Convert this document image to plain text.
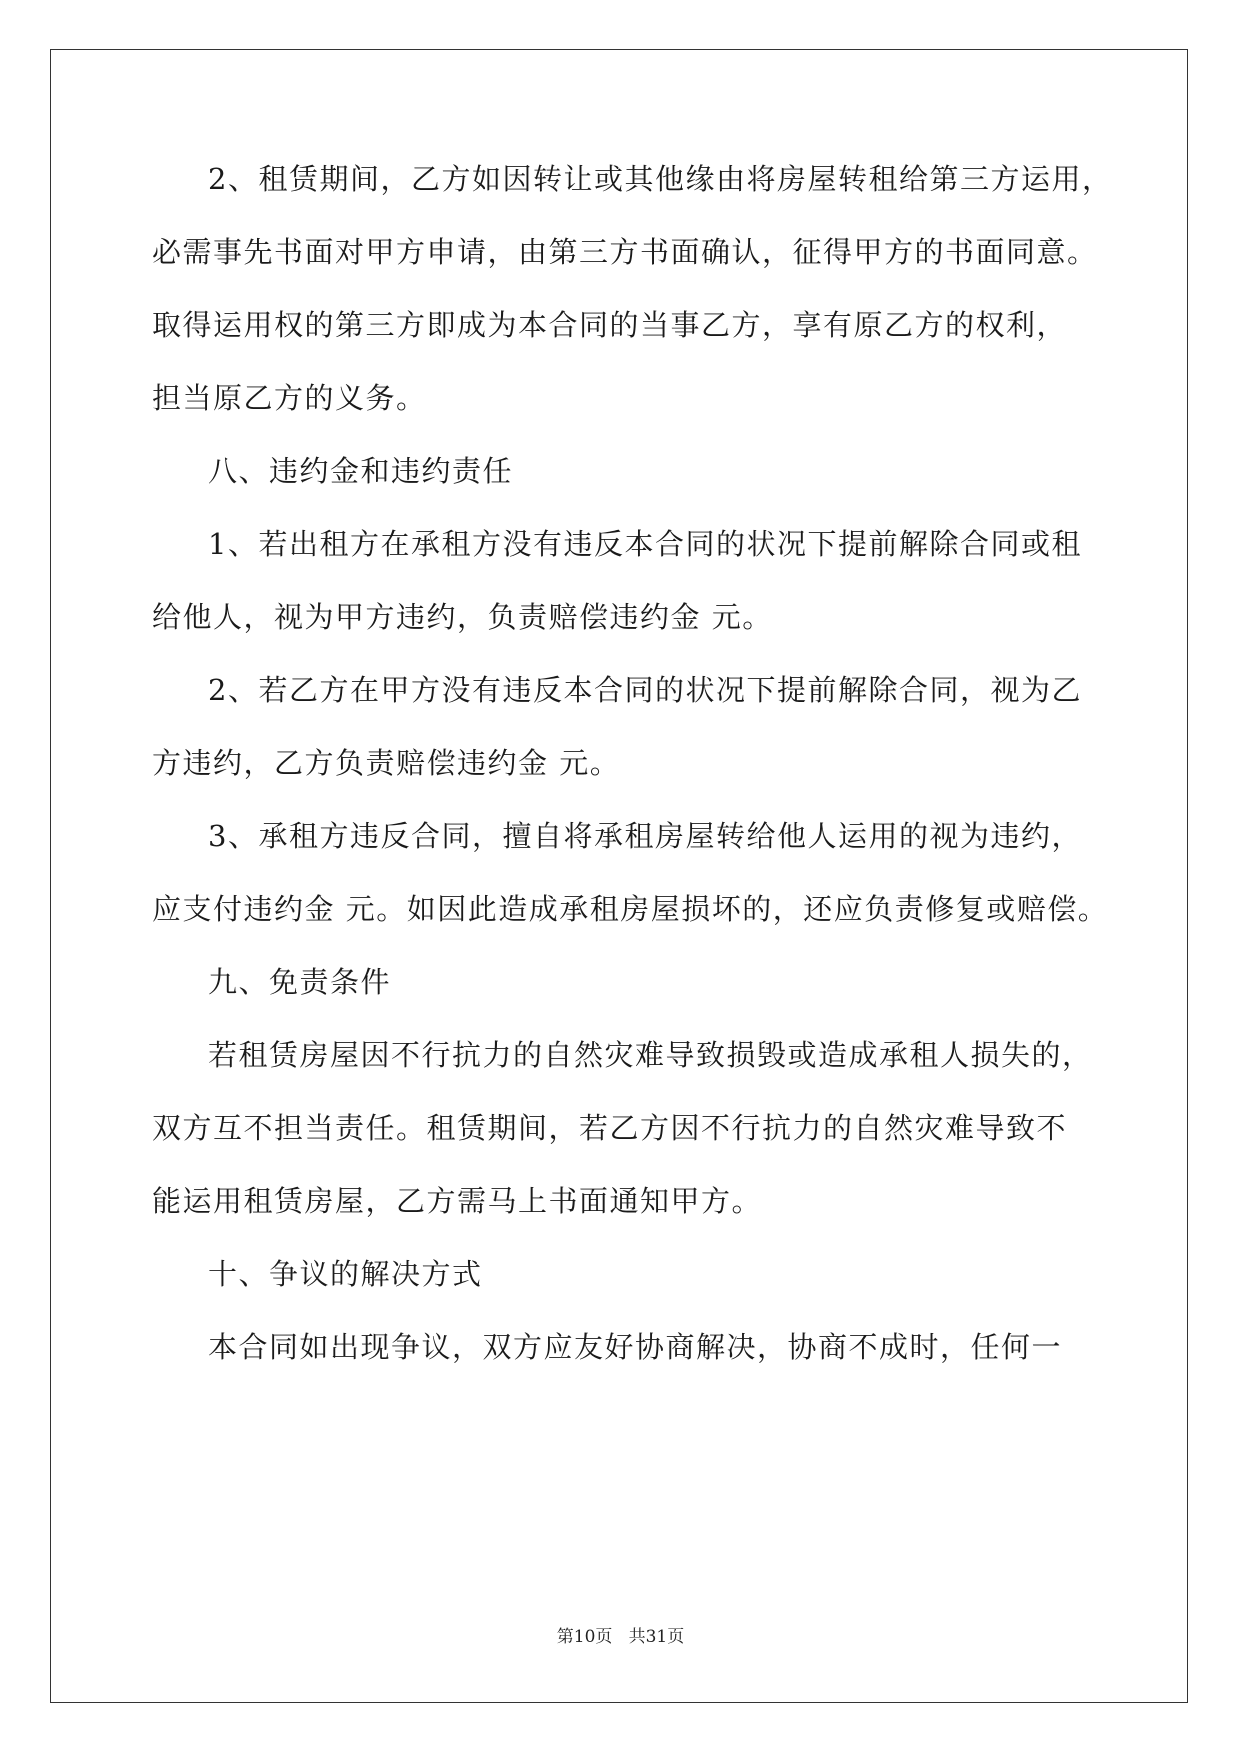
2、租赁期间，乙方如因转让或其他缘由将房屋转租给第三方运用，
必需事先书面对甲方申请，由第三方书面确认，征得甲方的书面同意。
取得运用权的第三方即成为本合同的当事乙方，享有原乙方的权利，
担当原乙方的义务。
八、违约金和违约责任
1、若出租方在承租方没有违反本合同的状况下提前解除合同或租
给他人，视为甲方违约，负责赔偿违约金 元。
2、若乙方在甲方没有违反本合同的状况下提前解除合同，视为乙
方违约，乙方负责赔偿违约金 元。
3、承租方违反合同，擅自将承租房屋转给他人运用的视为违约，
应支付违约金 元。如因此造成承租房屋损坏的，还应负责修复或赔偿。
九、免责条件
若租赁房屋因不行抗力的自然灾难导致损毁或造成承租人损失的，
双方互不担当责任。租赁期间，若乙方因不行抗力的自然灾难导致不
能运用租赁房屋，乙方需马上书面通知甲方。
十、争议的解决方式
本合同如出现争议，双方应友好协商解决，协商不成时，任何一
第10页   共31页
